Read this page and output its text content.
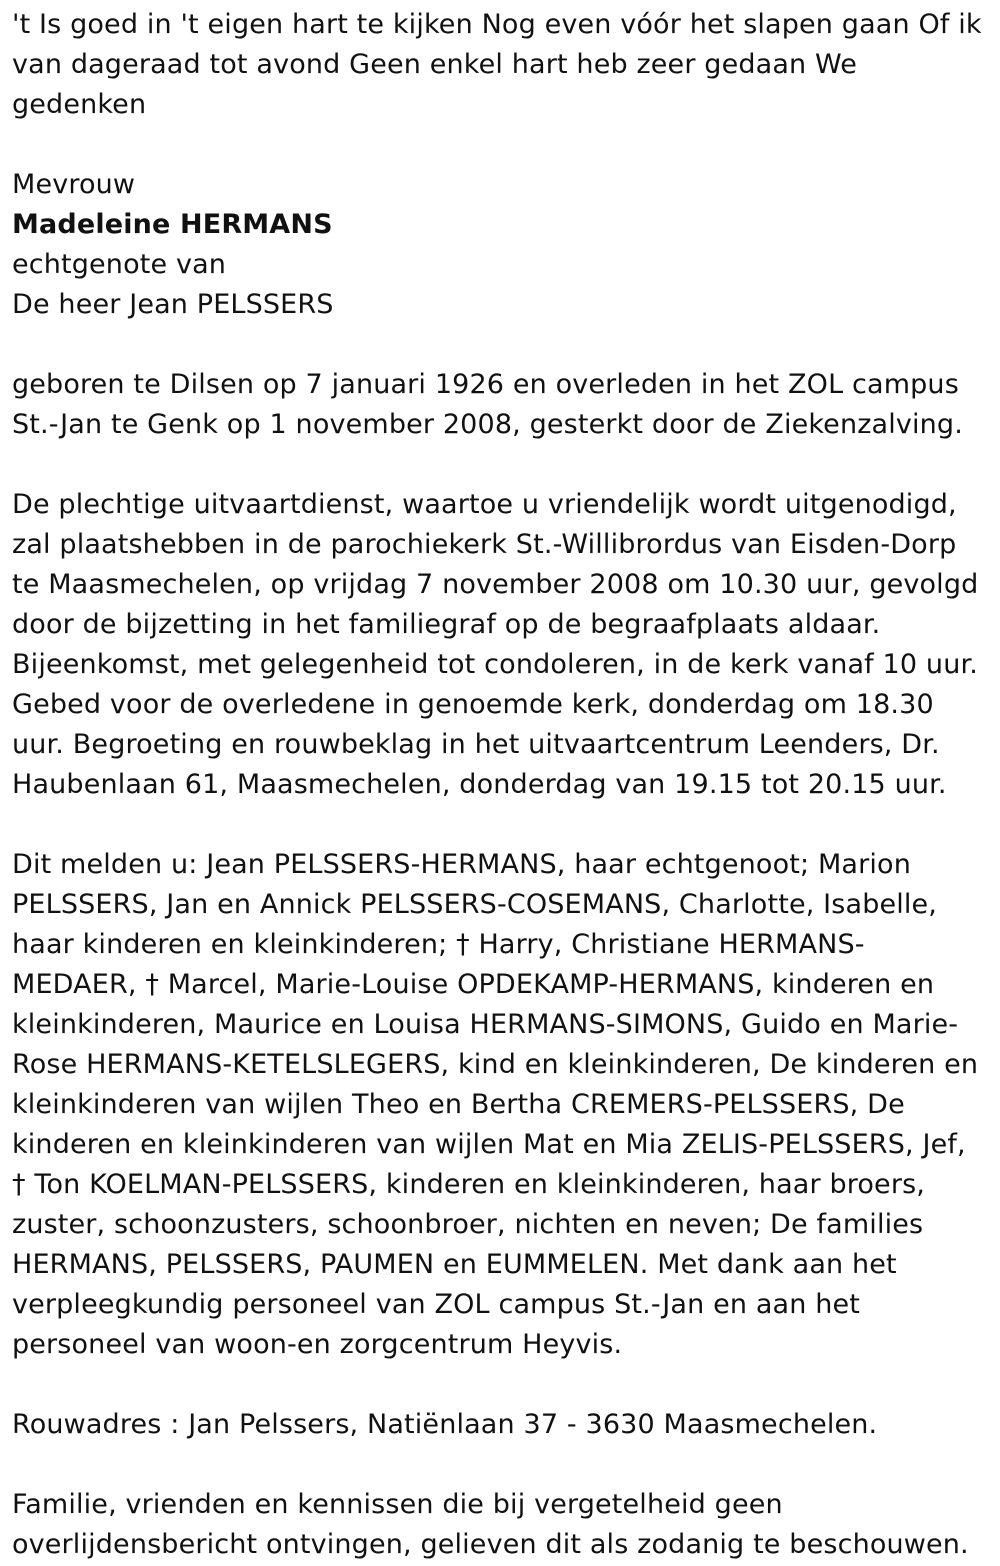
't Is goed in 't eigen hart te kijken Nog even vóór het slapen gaan Of ik van dageraad tot avond Geen enkel hart heb zeer gedaan We gedenken

Mevrouw

Madeleine HERMANS

echtgenote van

De heer Jean PELSSERS

geboren te Dilsen op 7 januari 1926 en overleden in het ZOL campus St.-Jan te Genk op 1 november 2008, gesterkt door de Ziekenzalving.

De plechtige uitvaartdienst, waartoe u vriendelijk wordt uitgenodigd, zal plaatshebben in de parochiekerk St.-Willibrordus van Eisden-Dorp te Maasmechelen, op vrijdag 7 november 2008 om 10.30 uur, gevolgd door de bijzetting in het familiegraf op de begraafplaats aldaar. Bijeenkomst, met gelegenheid tot condoleren, in de kerk vanaf 10 uur. Gebed voor de overledene in genoemde kerk, donderdag om 18.30 uur. Begroeting en rouwbeklag in het uitvaartcentrum Leenders, Dr. Haubenlaan 61, Maasmechelen, donderdag van 19.15 tot 20.15 uur.

Dit melden u: Jean PELSSERS-HERMANS, haar echtgenoot; Marion PELSSERS, Jan en Annick PELSSERS-COSEMANS, Charlotte, Isabelle, haar kinderen en kleinkinderen; † Harry, Christiane HERMANS-MEDAER, † Marcel, Marie-Louise OPDEKAMP-HERMANS, kinderen en kleinkinderen, Maurice en Louisa HERMANS-SIMONS, Guido en Marie-Rose HERMANS-KETELSLEGERS, kind en kleinkinderen, De kinderen en kleinkinderen van wijlen Theo en Bertha CREMERS-PELSSERS, De kinderen en kleinkinderen van wijlen Mat en Mia ZELIS-PELSSERS, Jef, † Ton KOELMAN-PELSSERS, kinderen en kleinkinderen, haar broers, zuster, schoonzusters, schoonbroer, nichten en neven; De families HERMANS, PELSSERS, PAUMEN en EUMMELEN. Met dank aan het verpleegkundig personeel van ZOL campus St.-Jan en aan het personeel van woon-en zorgcentrum Heyvis.

Rouwadres : Jan Pelssers, Natiënlaan 37 - 3630 Maasmechelen.

Familie, vrienden en kennissen die bij vergetelheid geen overlijdensbericht ontvingen, gelieven dit als zodanig te beschouwen.
